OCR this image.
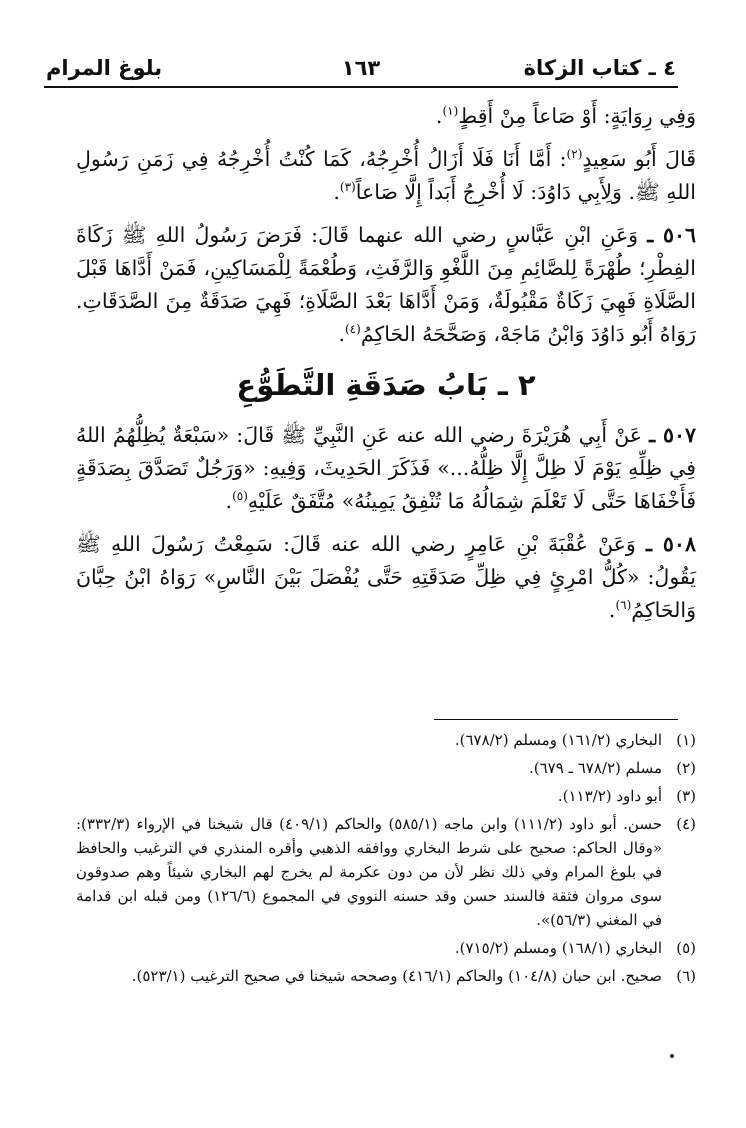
٤ ـ كتاب الزكاة
١٦٣
بلوغ المرام

وَفِي رِوَايَةٍ: أَوْ صَاعاً مِنْ أَقِطٍ$^{(١)}$.

قَالَ أَبُو سَعِيدٍ$^{(٢)}$: أَمَّا أَنَا فَلَا أَزَالُ أُخْرِجُهُ، كَمَا كُنْتُ أُخْرِجُهُ فِي زَمَنِ رَسُولِ اللهِ ﷺ. وَلِأَبِي دَاوُدَ: لَا أُخْرِجُ أَبَداً إِلَّا صَاعاً$^{(٣)}$.

٥٠٦ ـ وَعَنِ ابْنِ عَبَّاسٍ رضي الله عنهما قَالَ: فَرَضَ رَسُولُ اللهِ ﷺ زَكَاةَ الفِطْرِ؛ طُهْرَةً لِلصَّائِمِ مِنَ اللَّغْوِ وَالرَّفَثِ، وَطُعْمَةً لِلْمَسَاكِينِ، فَمَنْ أَدَّاهَا قَبْلَ الصَّلَاةِ فَهِيَ زَكَاةٌ مَقْبُولَةٌ، وَمَنْ أَدَّاهَا بَعْدَ الصَّلَاةِ؛ فَهِيَ صَدَقَةٌ مِنَ الصَّدَقَاتِ. رَوَاهُ أَبُو دَاوُدَ وَابْنُ مَاجَهْ، وَصَحَّحَهُ الحَاكِمُ$^{(٤)}$.

٢ ـ بَابُ صَدَقَةِ التَّطَوُّعِ

٥٠٧ ـ عَنْ أَبِي هُرَيْرَةَ رضي الله عنه عَنِ النَّبِيِّ ﷺ قَالَ: «سَبْعَةٌ يُظِلُّهُمُ اللهُ فِي ظِلِّهِ يَوْمَ لَا ظِلَّ إِلَّا ظِلُّهُ...» فَذَكَرَ الحَدِيثَ، وَفِيهِ: «وَرَجُلٌ تَصَدَّقَ بِصَدَقَةٍ فَأَخْفَاهَا حَتَّى لَا تَعْلَمَ شِمَالُهُ مَا تُنْفِقُ يَمِينُهُ» مُتَّفَقٌ عَلَيْهِ$^{(٥)}$.

٥٠٨ ـ وَعَنْ عُقْبَةَ بْنِ عَامِرٍ رضي الله عنه قَالَ: سَمِعْتُ رَسُولَ اللهِ ﷺ يَقُولُ: «كُلُّ امْرِئٍ فِي ظِلِّ صَدَقَتِهِ حَتَّى يُفْصَلَ بَيْنَ النَّاسِ» رَوَاهُ ابْنُ حِبَّانَ وَالحَاكِمُ$^{(٦)}$.

(١)
البخاري (١٦١/٢) ومسلم (٦٧٨/٢).
(٢)
مسلم (٦٧٨/٢ ـ ٦٧٩).
(٣)
أبو داود (١١٣/٢).
(٤)
حسن. أبو داود (١١١/٢) وابن ماجه (٥٨٥/١) والحاكم (٤٠٩/١) قال شيخنا في الإرواء (٣٣٢/٣): «وقال الحاكم: صحيح على شرط البخاري ووافقه الذهبي وأقره المنذري في الترغيب والحافظ في بلوغ المرام وفي ذلك نظر لأن من دون عكرمة لم يخرج لهم البخاري شيئاً وهم صدوقون سوى مروان فثقة فالسند حسن وقد حسنه النووي في المجموع (١٢٦/٦) ومن قبله ابن قدامة في المغني (٥٦/٣)».
(٥)
البخاري (١٦٨/١) ومسلم (٧١٥/٢).
(٦)
صحيح. ابن حبان (١٠٤/٨) والحاكم (٤١٦/١) وصححه شيخنا في صحيح الترغيب (٥٢٣/١).
